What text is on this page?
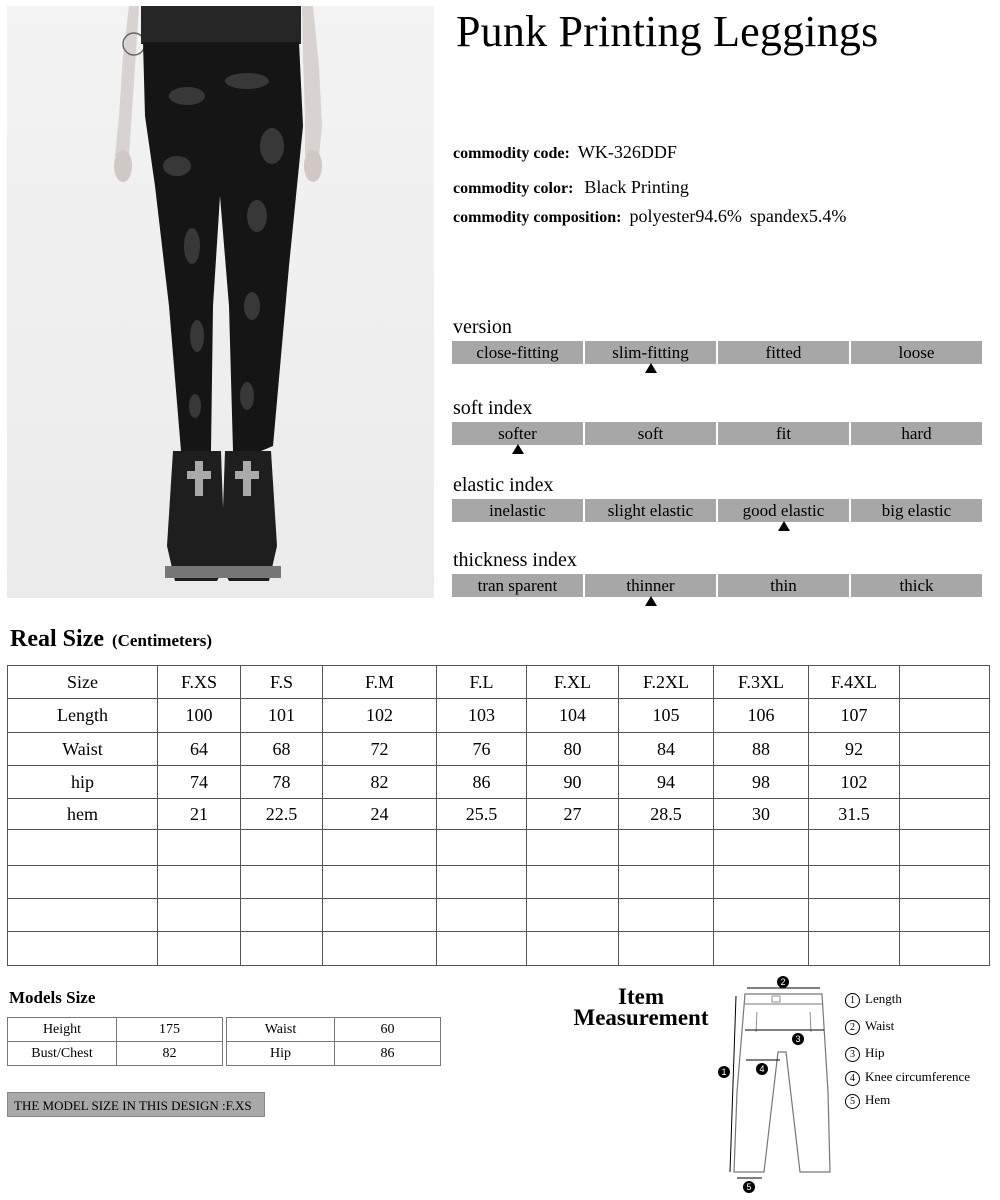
Punk Printing Leggings
commodity code: WK-326DDF
commodity color: Black Printing
commodity composition: polyester94.6% spandex5.4%
version
close-fitting	slim-fitting	fitted	loose
soft index
softer	soft	fit	hard
elastic index
inelastic	slight elastic	good elastic	big elastic
thickness index
tran sparent	thinner	thin	thick
Real Size (Centimeters)
Size	F.XS	F.S	F.M	F.L	F.XL	F.2XL	F.3XL	F.4XL	
Length	100	101	102	103	104	105	106	107	
Waist	64	68	72	76	80	84	88	92	
hip	74	78	82	86	90	94	98	102	
hem	21	22.5	24	25.5	27	28.5	30	31.5	

Models Size
Height	175
Bust/Chest	82
Waist	60
Hip	86
THE MODEL SIZE IN THIS DESIGN :F.XS
Item
Measurement
2
3
4
1
5
1 Length
2 Waist
3 Hip
4 Knee circumference
5 Hem
